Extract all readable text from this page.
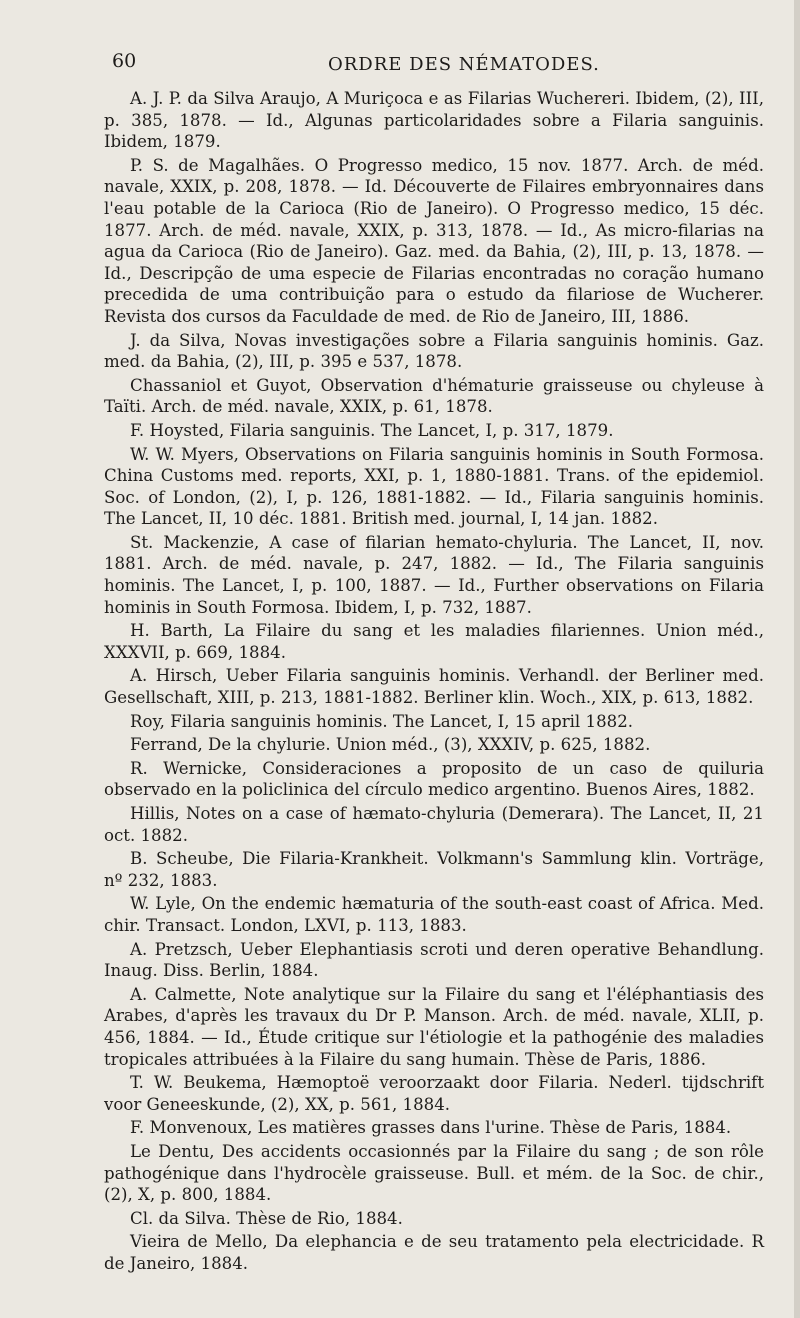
60	ORDRE DES NÉMATODES.

A. J. P. da Silva Araujo, A Muriçoca e as Filarias Wuchereri. Ibidem, (2), III, p. 385, 1878. — Id., Algunas particolaridades sobre a Filaria sanguinis. Ibidem, 1879.

P. S. de Magalhães. O Progresso medico, 15 nov. 1877. Arch. de méd. navale, XXIX, p. 208, 1878. — Id. Découverte de Filaires embryonnaires dans l'eau potable de la Carioca (Rio de Janeiro). O Progresso medico, 15 déc. 1877. Arch. de méd. navale, XXIX, p. 313, 1878. — Id., As micro-filarias na agua da Carioca (Rio de Janeiro). Gaz. med. da Bahia, (2), III, p. 13, 1878. — Id., Descripção de uma especie de Filarias encontradas no coração humano precedida de uma contribuição para o estudo da filariose de Wucherer. Revista dos cursos da Faculdade de med. de Rio de Janeiro, III, 1886.

J. da Silva, Novas investigações sobre a Filaria sanguinis hominis. Gaz. med. da Bahia, (2), III, p. 395 e 537, 1878.

Chassaniol et Guyot, Observation d'hématurie graisseuse ou chyleuse à Taïti. Arch. de méd. navale, XXIX, p. 61, 1878.

F. Hoysted, Filaria sanguinis. The Lancet, I, p. 317, 1879.

W. W. Myers, Observations on Filaria sanguinis hominis in South Formosa. China Customs med. reports, XXI, p. 1, 1880-1881. Trans. of the epidemiol. Soc. of London, (2), I, p. 126, 1881-1882. — Id., Filaria sanguinis hominis. The Lancet, II, 10 déc. 1881. British med. journal, I, 14 jan. 1882.

St. Mackenzie, A case of filarian hemato-chyluria. The Lancet, II, nov. 1881. Arch. de méd. navale, p. 247, 1882. — Id., The Filaria sanguinis hominis. The Lancet, I, p. 100, 1887. — Id., Further observations on Filaria hominis in South Formosa. Ibidem, I, p. 732, 1887.

H. Barth, La Filaire du sang et les maladies filariennes. Union méd., XXXVII, p. 669, 1884.

A. Hirsch, Ueber Filaria sanguinis hominis. Verhandl. der Berliner med. Gesellschaft, XIII, p. 213, 1881-1882. Berliner klin. Woch., XIX, p. 613, 1882.

Roy, Filaria sanguinis hominis. The Lancet, I, 15 april 1882.

Ferrand, De la chylurie. Union méd., (3), XXXIV, p. 625, 1882.

R. Wernicke, Consideraciones a proposito de un caso de quiluria observado en la policlinica del círculo medico argentino. Buenos Aires, 1882.

Hillis, Notes on a case of hæmato-chyluria (Demerara). The Lancet, II, 21 oct. 1882.

B. Scheube, Die Filaria-Krankheit. Volkmann's Sammlung klin. Vorträge, nº 232, 1883.

W. Lyle, On the endemic hæmaturia of the south-east coast of Africa. Med. chir. Transact. London, LXVI, p. 113, 1883.

A. Pretzsch, Ueber Elephantiasis scroti und deren operative Behandlung. Inaug. Diss. Berlin, 1884.

A. Calmette, Note analytique sur la Filaire du sang et l'éléphantiasis des Arabes, d'après les travaux du Dr P. Manson. Arch. de méd. navale, XLII, p. 456, 1884. — Id., Étude critique sur l'étiologie et la pathogénie des maladies tropicales attribuées à la Filaire du sang humain. Thèse de Paris, 1886.

T. W. Beukema, Hæmoptoë veroorzaakt door Filaria. Nederl. tijdschrift voor Geneeskunde, (2), XX, p. 561, 1884.

F. Monvenoux, Les matières grasses dans l'urine. Thèse de Paris, 1884.

Le Dentu, Des accidents occasionnés par la Filaire du sang ; de son rôle pathogénique dans l'hydrocèle graisseuse. Bull. et mém. de la Soc. de chir., (2), X, p. 800, 1884.

Cl. da Silva. Thèse de Rio, 1884.

Vieira de Mello, Da elephancia e de seu tratamento pela electricidade. R de Janeiro, 1884.
